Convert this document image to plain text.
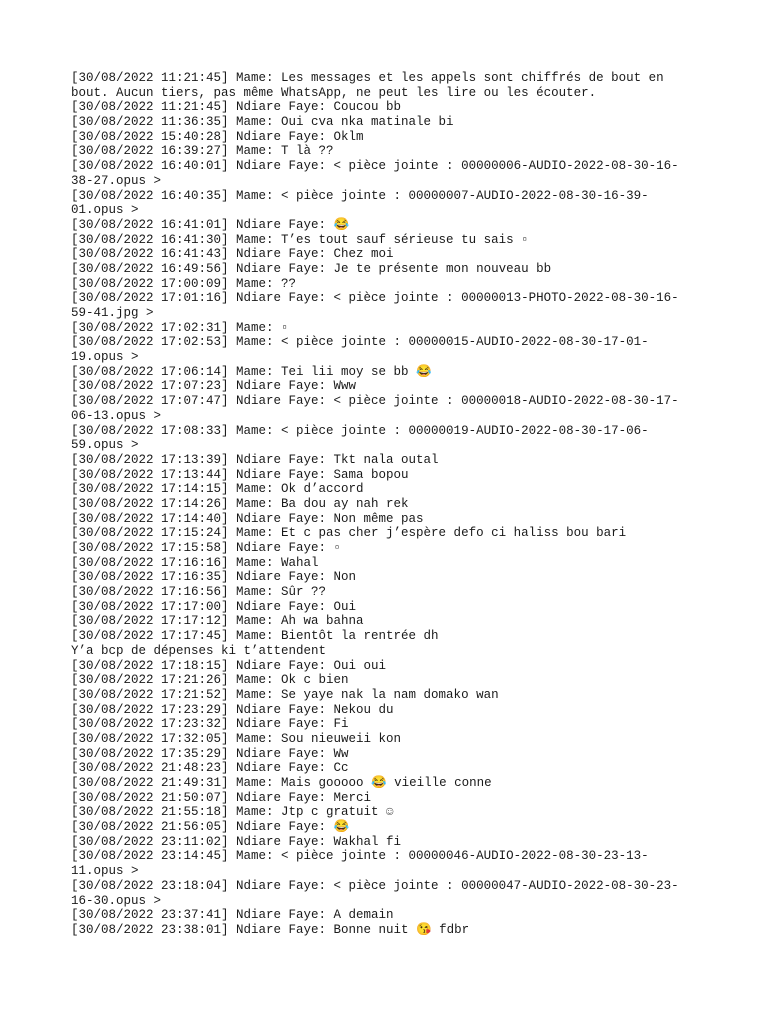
[30/08/2022 11:21:45] Mame: Les messages et les appels sont chiffrés de bout en
bout. Aucun tiers, pas même WhatsApp, ne peut les lire ou les écouter.
[30/08/2022 11:21:45] Ndiare Faye: Coucou bb
[30/08/2022 11:36:35] Mame: Oui cva nka matinale bi
[30/08/2022 15:40:28] Ndiare Faye: Oklm
[30/08/2022 16:39:27] Mame: T là ??
[30/08/2022 16:40:01] Ndiare Faye: < pièce jointe : 00000006-AUDIO-2022-08-30-16-
38-27.opus >
[30/08/2022 16:40:35] Mame: < pièce jointe : 00000007-AUDIO-2022-08-30-16-39-
01.opus >
[30/08/2022 16:41:01] Ndiare Faye: 😂
[30/08/2022 16:41:30] Mame: T’es tout sauf sérieuse tu sais ▫
[30/08/2022 16:41:43] Ndiare Faye: Chez moi
[30/08/2022 16:49:56] Ndiare Faye: Je te présente mon nouveau bb
[30/08/2022 17:00:09] Mame: ??
[30/08/2022 17:01:16] Ndiare Faye: < pièce jointe : 00000013-PHOTO-2022-08-30-16-
59-41.jpg >
[30/08/2022 17:02:31] Mame: ▫
[30/08/2022 17:02:53] Mame: < pièce jointe : 00000015-AUDIO-2022-08-30-17-01-
19.opus >
[30/08/2022 17:06:14] Mame: Tei lii moy se bb 😂
[30/08/2022 17:07:23] Ndiare Faye: Www
[30/08/2022 17:07:47] Ndiare Faye: < pièce jointe : 00000018-AUDIO-2022-08-30-17-
06-13.opus >
[30/08/2022 17:08:33] Mame: < pièce jointe : 00000019-AUDIO-2022-08-30-17-06-
59.opus >
[30/08/2022 17:13:39] Ndiare Faye: Tkt nala outal
[30/08/2022 17:13:44] Ndiare Faye: Sama bopou
[30/08/2022 17:14:15] Mame: Ok d’accord
[30/08/2022 17:14:26] Mame: Ba dou ay nah rek
[30/08/2022 17:14:40] Ndiare Faye: Non même pas
[30/08/2022 17:15:24] Mame: Et c pas cher j’espère defo ci haliss bou bari
[30/08/2022 17:15:58] Ndiare Faye: ▫
[30/08/2022 17:16:16] Mame: Wahal
[30/08/2022 17:16:35] Ndiare Faye: Non
[30/08/2022 17:16:56] Mame: Sûr ??
[30/08/2022 17:17:00] Ndiare Faye: Oui
[30/08/2022 17:17:12] Mame: Ah wa bahna
[30/08/2022 17:17:45] Mame: Bientôt la rentrée dh
Y’a bcp de dépenses ki t’attendent
[30/08/2022 17:18:15] Ndiare Faye: Oui oui
[30/08/2022 17:21:26] Mame: Ok c bien
[30/08/2022 17:21:52] Mame: Se yaye nak la nam domako wan
[30/08/2022 17:23:29] Ndiare Faye: Nekou du
[30/08/2022 17:23:32] Ndiare Faye: Fi
[30/08/2022 17:32:05] Mame: Sou nieuweii kon
[30/08/2022 17:35:29] Ndiare Faye: Ww
[30/08/2022 21:48:23] Ndiare Faye: Cc
[30/08/2022 21:49:31] Mame: Mais gooooo 😂 vieille conne
[30/08/2022 21:50:07] Ndiare Faye: Merci
[30/08/2022 21:55:18] Mame: Jtp c gratuit ☺
[30/08/2022 21:56:05] Ndiare Faye: 😂
[30/08/2022 23:11:02] Ndiare Faye: Wakhal fi
[30/08/2022 23:14:45] Mame: < pièce jointe : 00000046-AUDIO-2022-08-30-23-13-
11.opus >
[30/08/2022 23:18:04] Ndiare Faye: < pièce jointe : 00000047-AUDIO-2022-08-30-23-
16-30.opus >
[30/08/2022 23:37:41] Ndiare Faye: A demain
[30/08/2022 23:38:01] Ndiare Faye: Bonne nuit 😘 fdbr
